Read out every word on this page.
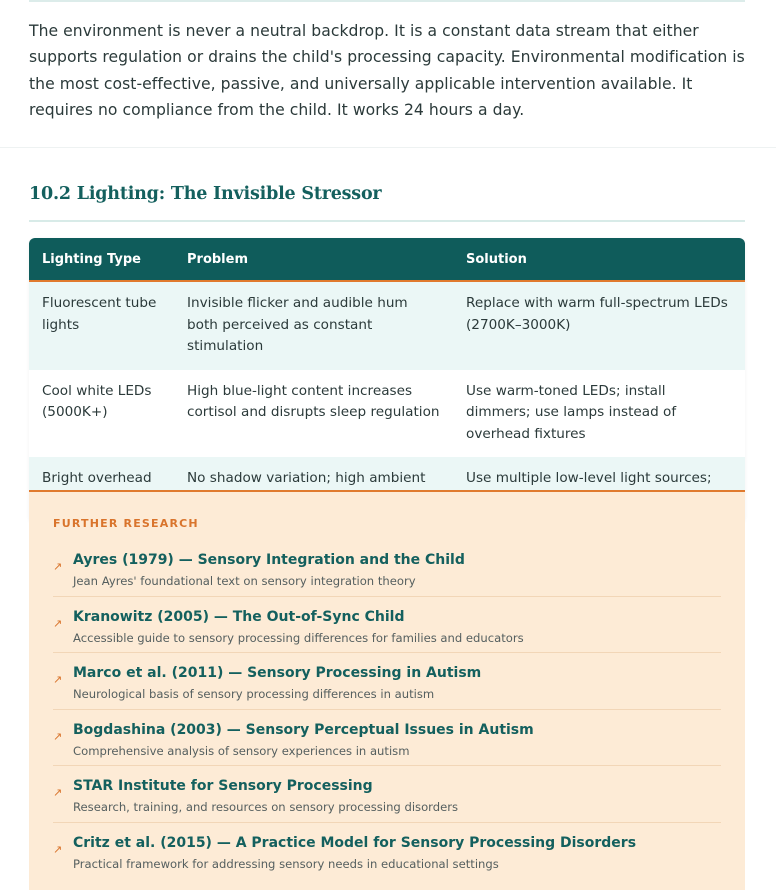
The environment is never a neutral backdrop. It is a constant data stream that either supports regulation or drains the child's processing capacity. Environmental modification is the most cost-effective, passive, and universally applicable intervention available. It requires no compliance from the child. It works 24 hours a day.

10.2 Lighting: The Invisible Stressor
Lighting Type	Problem	Solution
Fluorescent tube lights	Invisible flicker and audible hum both perceived as constant stimulation	Replace with warm full-spectrum LEDs (2700K–3000K)
Cool white LEDs (5000K+)	High blue-light content increases cortisol and disrupts sleep regulation	Use warm-toned LEDs; install dimmers; use lamps instead of overhead fixtures
Bright overhead	No shadow variation; high ambient	Use multiple low-level light sources;
FURTHER RESEARCH
↗ Ayres (1979) — Sensory Integration and the Child
Jean Ayres' foundational text on sensory integration theory
↗ Kranowitz (2005) — The Out-of-Sync Child
Accessible guide to sensory processing differences for families and educators
↗ Marco et al. (2011) — Sensory Processing in Autism
Neurological basis of sensory processing differences in autism
↗ Bogdashina (2003) — Sensory Perceptual Issues in Autism
Comprehensive analysis of sensory experiences in autism
↗ STAR Institute for Sensory Processing
Research, training, and resources on sensory processing disorders
↗ Critz et al. (2015) — A Practice Model for Sensory Processing Disorders
Practical framework for addressing sensory needs in educational settings
